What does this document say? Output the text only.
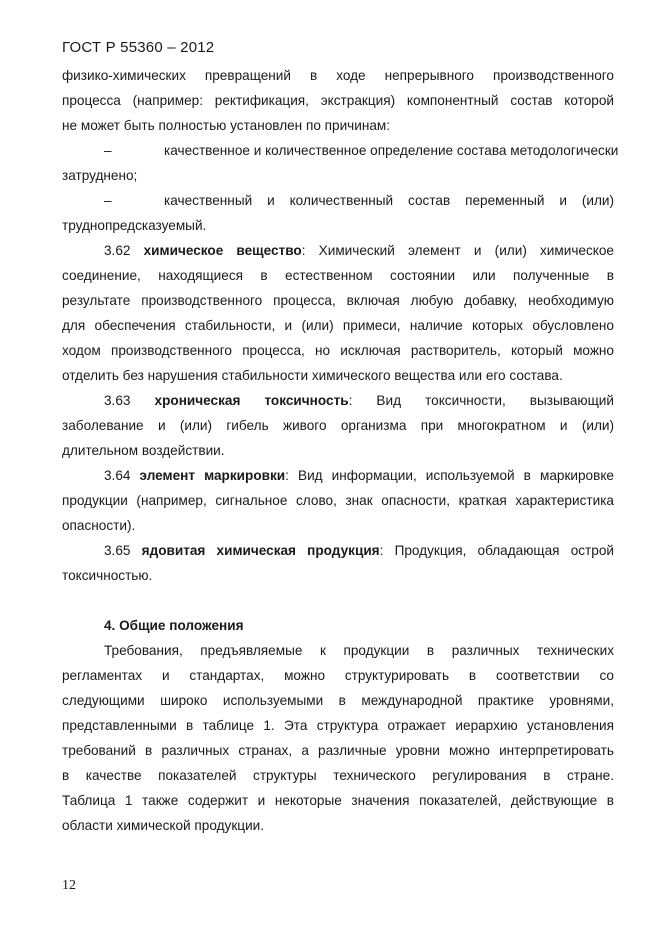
ГОСТ Р 55360 – 2012
физико-химических превращений в ходе непрерывного производственного
процесса (например: ректификация, экстракция) компонентный состав которой
не может быть полностью установлен по причинам:
–	качественное и количественное определение состава методологически
затруднено;
–	качественный и количественный состав переменный и (или)
труднопредсказуемый.
3.62 химическое вещество: Химический элемент и (или) химическое
соединение, находящиеся в естественном состоянии или полученные в
результате производственного процесса, включая любую добавку, необходимую
для обеспечения стабильности, и (или) примеси, наличие которых обусловлено
ходом производственного процесса, но исключая растворитель, который можно
отделить без нарушения стабильности химического вещества или его состава.
3.63 хроническая токсичность: Вид токсичности, вызывающий
заболевание и (или) гибель живого организма при многократном и (или)
длительном воздействии.
3.64 элемент маркировки: Вид информации, используемой в маркировке
продукции (например, сигнальное слово, знак опасности, краткая характеристика
опасности).
3.65 ядовитая химическая продукция: Продукция, обладающая острой
токсичностью.
4. Общие положения
Требования, предъявляемые к продукции в различных технических
регламентах и стандартах, можно структурировать в соответствии со
следующими широко используемыми в международной практике уровнями,
представленными в таблице 1. Эта структура отражает иерархию установления
требований в различных странах, а различные уровни можно интерпретировать
в качестве показателей структуры технического регулирования в стране.
Таблица 1 также содержит и некоторые значения показателей, действующие в
области химической продукции.
12
